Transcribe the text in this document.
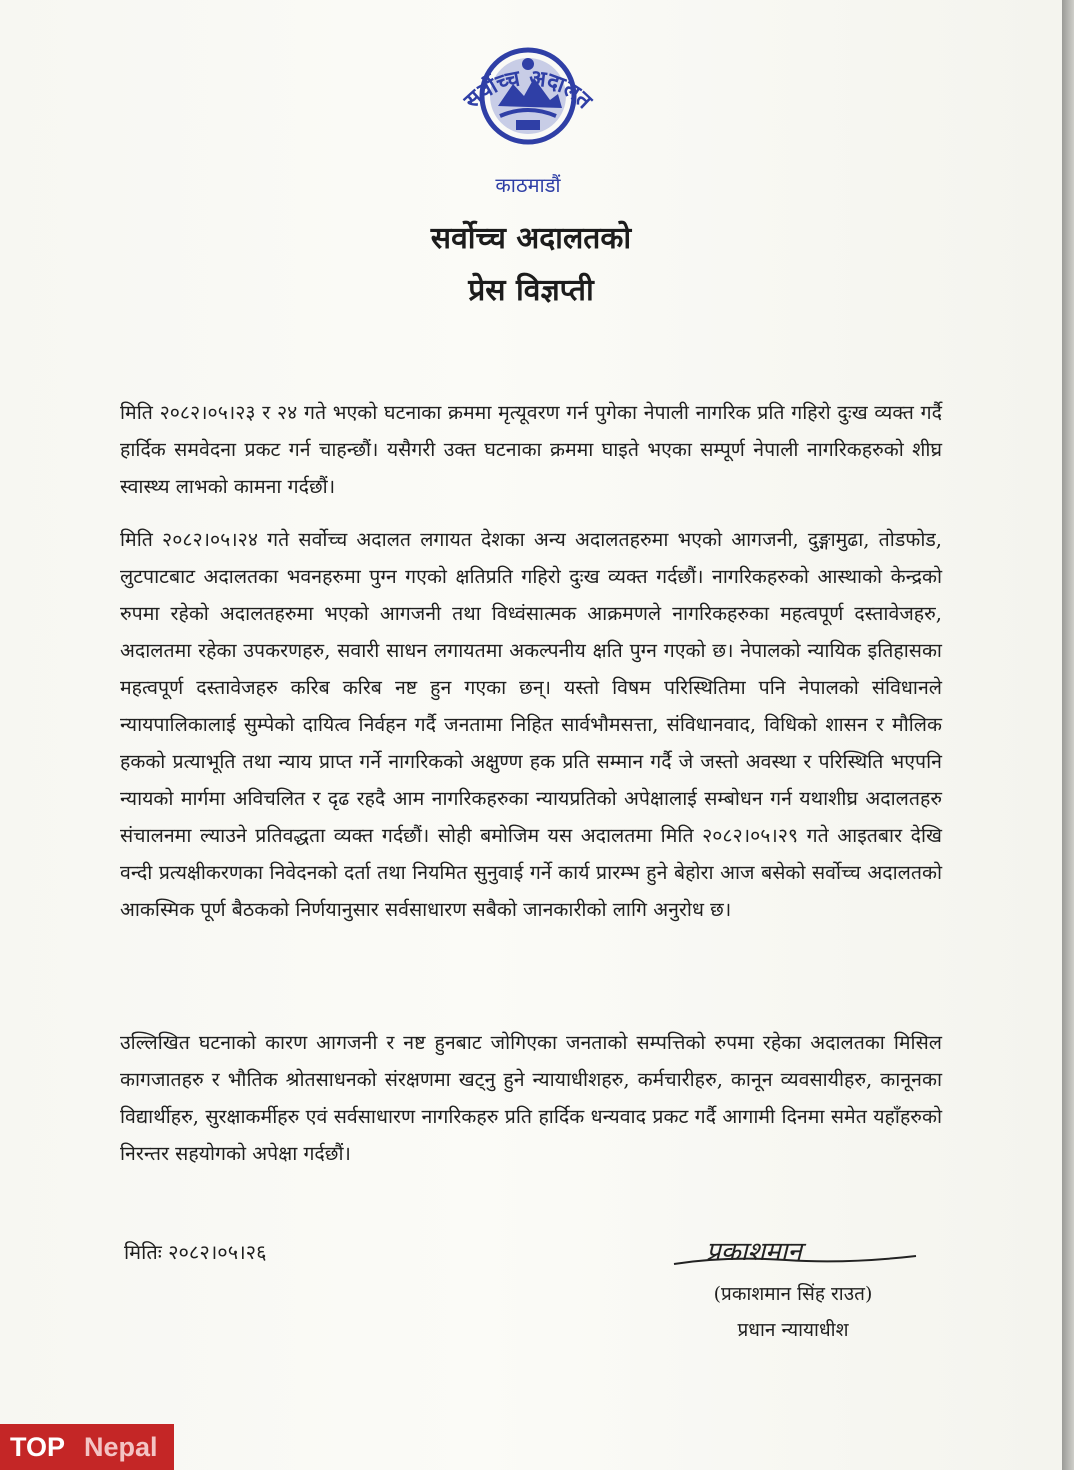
सर्वोच्च अदालत
काठमाडौं
सर्वोच्च अदालतको
प्रेस विज्ञप्ती

मिति २०८२।०५।२३ र २४ गते भएको घटनाका क्रममा मृत्यूवरण गर्न पुगेका नेपाली नागरिक प्रति गहिरो दुःख व्यक्त गर्दै हार्दिक समवेदना प्रकट गर्न चाहन्छौं। यसैगरी उक्त घटनाका क्रममा घाइते भएका सम्पूर्ण नेपाली नागरिकहरुको शीघ्र स्वास्थ्य लाभको कामना गर्दछौं।

मिति २०८२।०५।२४ गते सर्वोच्च अदालत लगायत देशका अन्य अदालतहरुमा भएको आगजनी, दुङ्गामुढा, तोडफोड, लुटपाटबाट अदालतका भवनहरुमा पुग्न गएको क्षतिप्रति गहिरो दुःख व्यक्त गर्दछौं। नागरिकहरुको आस्थाको केन्द्रको रुपमा रहेको अदालतहरुमा भएको आगजनी तथा विध्वंसात्मक आक्रमणले नागरिकहरुका महत्वपूर्ण दस्तावेजहरु, अदालतमा रहेका उपकरणहरु, सवारी साधन लगायतमा अकल्पनीय क्षति पुग्न गएको छ। नेपालको न्यायिक इतिहासका महत्वपूर्ण दस्तावेजहरु करिब करिब नष्ट हुन गएका छन्। यस्तो विषम परिस्थितिमा पनि नेपालको संविधानले न्यायपालिकालाई सुम्पेको दायित्व निर्वहन गर्दै जनतामा निहित सार्वभौमसत्ता, संविधानवाद, विधिको शासन र मौलिक हकको प्रत्याभूति तथा न्याय प्राप्त गर्ने नागरिकको अक्षुण्ण हक प्रति सम्मान गर्दै जे जस्तो अवस्था र परिस्थिति भएपनि न्यायको मार्गमा अविचलित र दृढ रहदै आम नागरिकहरुका न्यायप्रतिको अपेक्षालाई सम्बोधन गर्न यथाशीघ्र अदालतहरु संचालनमा ल्याउने प्रतिवद्धता व्यक्त गर्दछौं। सोही बमोजिम यस अदालतमा मिति २०८२।०५।२९ गते आइतबार देखि वन्दी प्रत्यक्षीकरणका निवेदनको दर्ता तथा नियमित सुनुवाई गर्ने कार्य प्रारम्भ हुने बेहोरा आज बसेको सर्वोच्च अदालतको आकस्मिक पूर्ण बैठकको निर्णयानुसार सर्वसाधारण सबैको जानकारीको लागि अनुरोध छ।

उल्लिखित घटनाको कारण आगजनी र नष्ट हुनबाट जोगिएका जनताको सम्पत्तिको रुपमा रहेका अदालतका मिसिल कागजातहरु र भौतिक श्रोतसाधनको संरक्षणमा खट्नु हुने न्यायाधीशहरु, कर्मचारीहरु, कानून व्यवसायीहरु, कानूनका विद्यार्थीहरु, सुरक्षाकर्मीहरु एवं सर्वसाधारण नागरिकहरु प्रति हार्दिक धन्यवाद प्रकट गर्दै आगामी दिनमा समेत यहाँहरुको निरन्तर सहयोगको अपेक्षा गर्दछौं।

मितिः २०८२।०५।२६	प्रकाशमान

(प्रकाशमान सिंह राउत)

प्रधान न्यायाधीश

TOP Nepal
